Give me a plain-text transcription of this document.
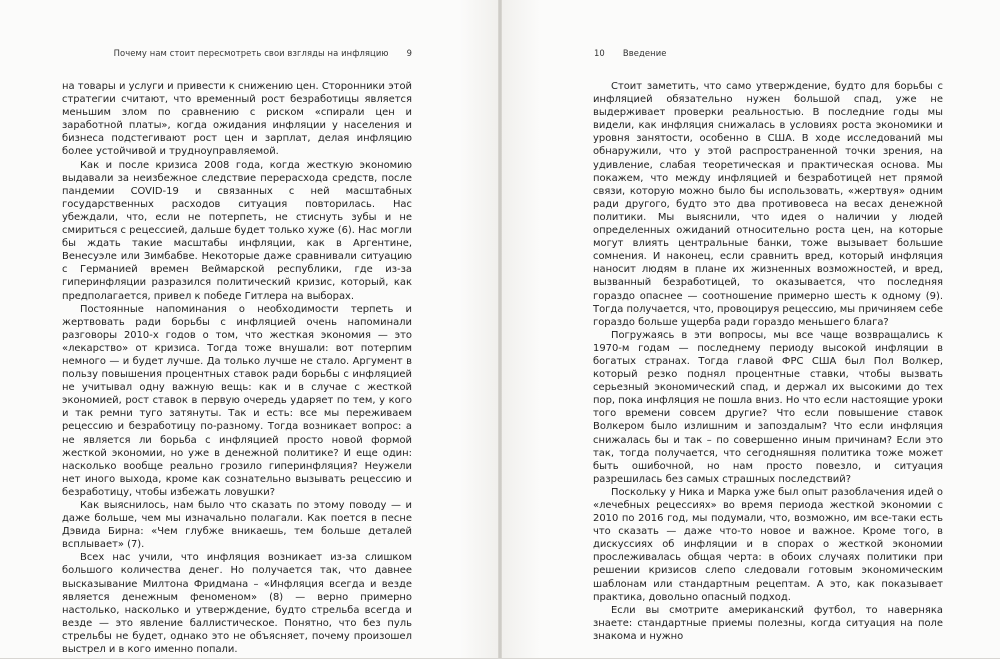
Почему нам стоит пересмотреть свои взгляды на инфляцию 9

на товары и услуги и привести к снижению цен. Сторонники этой стратегии считают, что временный рост безработицы является меньшим злом по сравнению с риском «спирали цен и заработной платы», когда ожидания инфляции у населения и бизнеса подстегивают рост цен и зарплат, делая инфляцию более устойчивой и трудноуправляемой.

Как и после кризиса 2008 года, когда жесткую экономию выдавали за неизбежное следствие перерасхода средств, после пандемии COVID-19 и связанных с ней масштабных государственных расходов ситуация повторилась. Нас убеждали, что, если не потерпеть, не стиснуть зубы и не смириться с рецессией, дальше будет только хуже (6). Нас могли бы ждать такие масштабы инфляции, как в Аргентине, Венесуэле или Зимбабве. Некоторые даже сравнивали ситуацию с Германией времен Веймарской республики, где из-за гиперинфляции разразился политический кризис, который, как предполагается, привел к победе Гитлера на выборах.

Постоянные напоминания о необходимости терпеть и жертвовать ради борьбы с инфляцией очень напоминали разговоры 2010-х годов о том, что жесткая экономия — это «лекарство» от кризиса. Тогда тоже внушали: вот потерпим немного — и будет лучше. Да только лучше не стало. Аргумент в пользу повышения процентных ставок ради борьбы с инфляцией не учитывал одну важную вещь: как и в случае с жесткой экономией, рост ставок в первую очередь ударяет по тем, у кого и так ремни туго затянуты. Так и есть: все мы переживаем рецессию и безработицу по-разному. Тогда возникает вопрос: а не является ли борьба с инфляцией просто новой формой жесткой экономии, но уже в денежной политике? И еще один: насколько вообще реально грозило гиперинфляция? Неужели нет иного выхода, кроме как сознательно вызывать рецессию и безработицу, чтобы избежать ловушки?

Как выяснилось, нам было что сказать по этому поводу — и даже больше, чем мы изначально полагали. Как поется в песне Дэвида Бирна: «Чем глубже вникаешь, тем больше деталей всплывает» (7).

Всех нас учили, что инфляция возникает из-за слишком большого количества денег. Но получается так, что давнее высказывание Милтона Фридмана – «Инфляция всегда и везде является денежным феноменом» (8) — верно примерно настолько, насколько и утверждение, будто стрельба всегда и везде — это явление баллистическое. Понятно, что без пуль стрельбы не будет, однако это не объясняет, почему произошел выстрел и в кого именно попали.

10 Введение

Стоит заметить, что само утверждение, будто для борьбы с инфляцией обязательно нужен большой спад, уже не выдерживает проверки реальностью. В последние годы мы видели, как инфляция снижалась в условиях роста экономики и уровня занятости, особенно в США. В ходе исследований мы обнаружили, что у этой распространенной точки зрения, на удивление, слабая теоретическая и практическая основа. Мы покажем, что между инфляцией и безработицей нет прямой связи, которую можно было бы использовать, «жертвуя» одним ради другого, будто это два противовеса на весах денежной политики. Мы выяснили, что идея о наличии у людей определенных ожиданий относительно роста цен, на которые могут влиять центральные банки, тоже вызывает большие сомнения. И наконец, если сравнить вред, который инфляция наносит людям в плане их жизненных возможностей, и вред, вызванный безработицей, то оказывается, что последняя гораздо опаснее — соотношение примерно шесть к одному (9). Тогда получается, что, провоцируя рецессию, мы причиняем себе гораздо больше ущерба ради гораздо меньшего блага?

Погружаясь в эти вопросы, мы все чаще возвращались к 1970-м годам — последнему периоду высокой инфляции в богатых странах. Тогда главой ФРС США был Пол Волкер, который резко поднял процентные ставки, чтобы вызвать серьезный экономический спад, и держал их высокими до тех пор, пока инфляция не пошла вниз. Но что если настоящие уроки того времени совсем другие? Что если повышение ставок Волкером было излишним и запоздалым? Что если инфляция снижалась бы и так – по совершенно иным причинам? Если это так, тогда получается, что сегодняшняя политика тоже может быть ошибочной, но нам просто повезло, и ситуация разрешилась без самых страшных последствий?

Поскольку у Ника и Марка уже был опыт разоблачения идей о «лечебных рецессиях» во время периода жесткой экономии с 2010 по 2016 год, мы подумали, что, возможно, им все-таки есть что сказать — даже что-то новое и важное. Кроме того, в дискуссиях об инфляции и в спорах о жесткой экономии прослеживалась общая черта: в обоих случаях политики при решении кризисов слепо следовали готовым экономическим шаблонам или стандартным рецептам. А это, как показывает практика, довольно опасный подход.

Если вы смотрите американский футбол, то наверняка знаете: стандартные приемы полезны, когда ситуация на поле знакома и нужно
